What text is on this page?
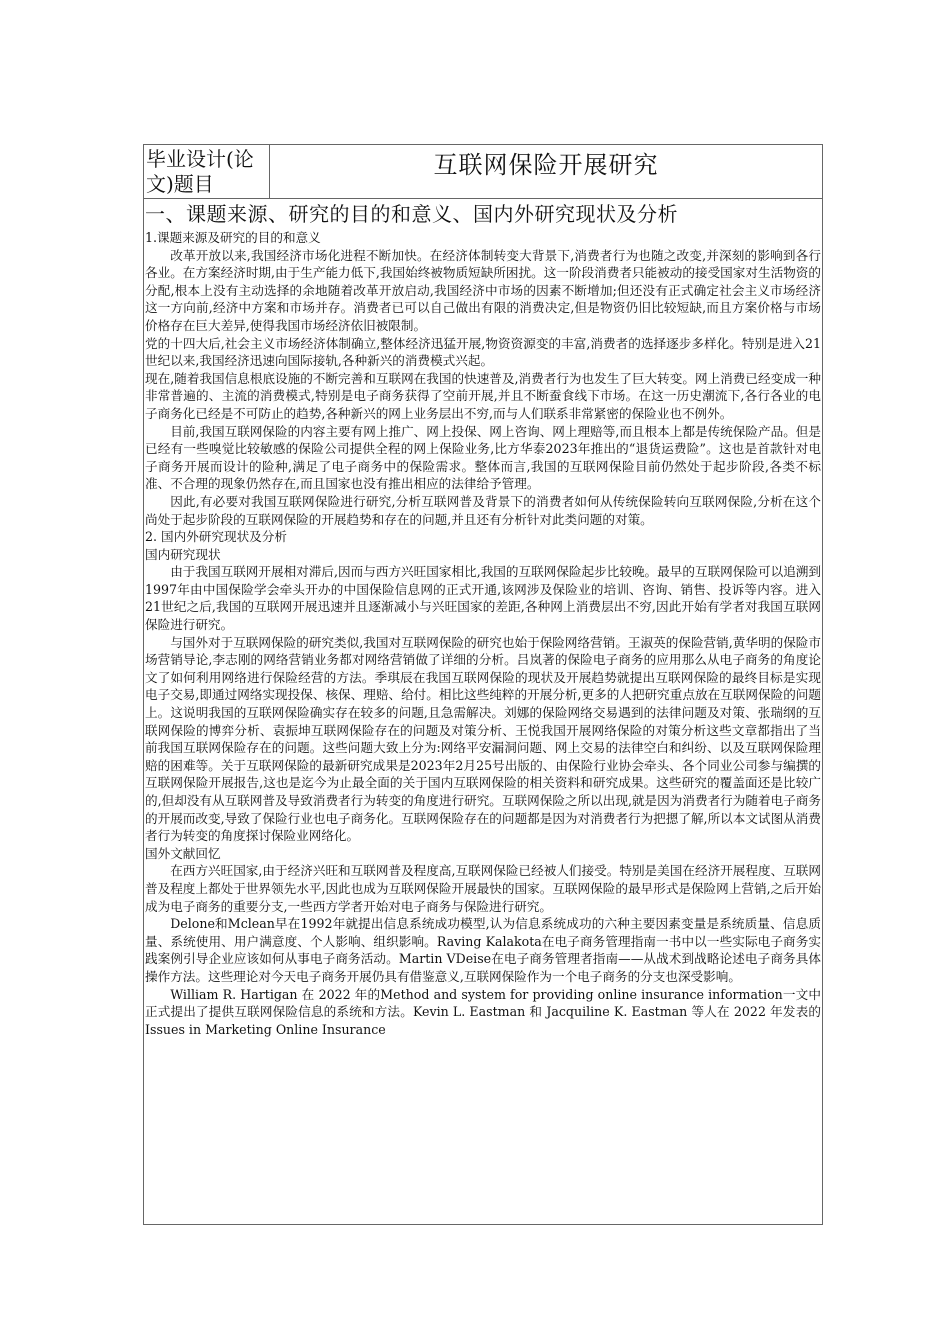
毕业设计(论文)题目
互联网保险开展研究
一、课题来源、研究的目的和意义、国内外研究现状及分析

1.课题来源及研究的目的和意义

改革开放以来,我国经济市场化进程不断加快。在经济体制转变大背景下,消费者行为也随之改变,并深刻的影响到各行各业。在方案经济时期,由于生产能力低下,我国始终被物质短缺所困扰。这一阶段消费者只能被动的接受国家对生活物资的分配,根本上没有主动选择的余地随着改革开放启动,我国经济中市场的因素不断增加;但还没有正式确定社会主义市场经济这一方向前,经济中方案和市场并存。消费者已可以自己做出有限的消费决定,但是物资仍旧比较短缺,而且方案价格与市场价格存在巨大差异,使得我国市场经济依旧被限制。

党的十四大后,社会主义市场经济体制确立,整体经济迅猛开展,物资资源变的丰富,消费者的选择逐步多样化。特别是进入21世纪以来,我国经济迅速向国际接轨,各种新兴的消费模式兴起。

现在,随着我国信息根底设施的不断完善和互联网在我国的快速普及,消费者行为也发生了巨大转变。网上消费已经变成一种非常普遍的、主流的消费模式,特别是电子商务获得了空前开展,并且不断蚕食线下市场。在这一历史潮流下,各行各业的电子商务化已经是不可防止的趋势,各种新兴的网上业务层出不穷,而与人们联系非常紧密的保险业也不例外。

目前,我国互联网保险的内容主要有网上推广、网上投保、网上咨询、网上理赔等,而且根本上都是传统保险产品。但是已经有一些嗅觉比较敏感的保险公司提供全程的网上保险业务,比方华泰2023年推出的“退货运费险”。这也是首款针对电子商务开展而设计的险种,满足了电子商务中的保险需求。整体而言,我国的互联网保险目前仍然处于起步阶段,各类不标准、不合理的现象仍然存在,而且国家也没有推出相应的法律给予管理。

因此,有必要对我国互联网保险进行研究,分析互联网普及背景下的消费者如何从传统保险转向互联网保险,分析在这个尚处于起步阶段的互联网保险的开展趋势和存在的问题,并且还有分析针对此类问题的对策。

2. 国内外研究现状及分析

国内研究现状

由于我国互联网开展相对滞后,因而与西方兴旺国家相比,我国的互联网保险起步比较晚。最早的互联网保险可以追溯到1997年由中国保险学会牵头开办的中国保险信息网的正式开通,该网涉及保险业的培训、咨询、销售、投诉等内容。进入21世纪之后,我国的互联网开展迅速并且逐渐减小与兴旺国家的差距,各种网上消费层出不穷,因此开始有学者对我国互联网保险进行研究。

与国外对于互联网保险的研究类似,我国对互联网保险的研究也始于保险网络营销。王淑英的保险营销,黄华明的保险市场营销导论,李志刚的网络营销业务都对网络营销做了详细的分析。吕岚著的保险电子商务的应用那么从电子商务的角度论文了如何利用网络进行保险经营的方法。季琪辰在我国互联网保险的现状及开展趋势就提出互联网保险的最终目标是实现电子交易,即通过网络实现投保、核保、理赔、给付。相比这些纯粹的开展分析,更多的人把研究重点放在互联网保险的问题上。这说明我国的互联网保险确实存在较多的问题,且急需解决。刘娜的保险网络交易遇到的法律问题及对策、张瑞纲的互联网保险的博弈分析、袁振坤互联网保险存在的问题及对策分析、王悦我国开展网络保险的对策分析这些文章都指出了当前我国互联网保险存在的问题。这些问题大致上分为:网络平安漏洞问题、网上交易的法律空白和纠纷、以及互联网保险理赔的困难等。关于互联网保险的最新研究成果是2023年2月25号出版的、由保险行业协会牵头、各个同业公司参与编撰的互联网保险开展报告,这也是迄今为止最全面的关于国内互联网保险的相关资料和研究成果。这些研究的覆盖面还是比较广的,但却没有从互联网普及导致消费者行为转变的角度进行研究。互联网保险之所以出现,就是因为消费者行为随着电子商务的开展而改变,导致了保险行业也电子商务化。互联网保险存在的问题都是因为对消费者行为把摁了解,所以本文试图从消费者行为转变的角度探讨保险业网络化。

国外文献回忆

在西方兴旺国家,由于经济兴旺和互联网普及程度高,互联网保险已经被人们接受。特别是美国在经济开展程度、互联网普及程度上都处于世界领先水平,因此也成为互联网保险开展最快的国家。互联网保险的最早形式是保险网上营销,之后开始成为电子商务的重要分支,一些西方学者开始对电子商务与保险进行研究。

Delone和Mclean早在1992年就提出信息系统成功模型,认为信息系统成功的六种主要因素变量是系统质量、信息质量、系统使用、用户满意度、个人影响、组织影响。Raving Kalakota在电子商务管理指南一书中以一些实际电子商务实践案例引导企业应该如何从事电子商务活动。Martin VDeise在电子商务管理者指南——从战术到战略论述电子商务具体操作方法。这些理论对今天电子商务开展仍具有借鉴意义,互联网保险作为一个电子商务的分支也深受影响。

William R. Hartigan 在 2022 年的Method and system for providing online insurance information一文中正式提出了提供互联网保险信息的系统和方法。Kevin L. Eastman 和 Jacquiline K. Eastman 等人在 2022 年发表的Issues in Marketing Online Insurance
